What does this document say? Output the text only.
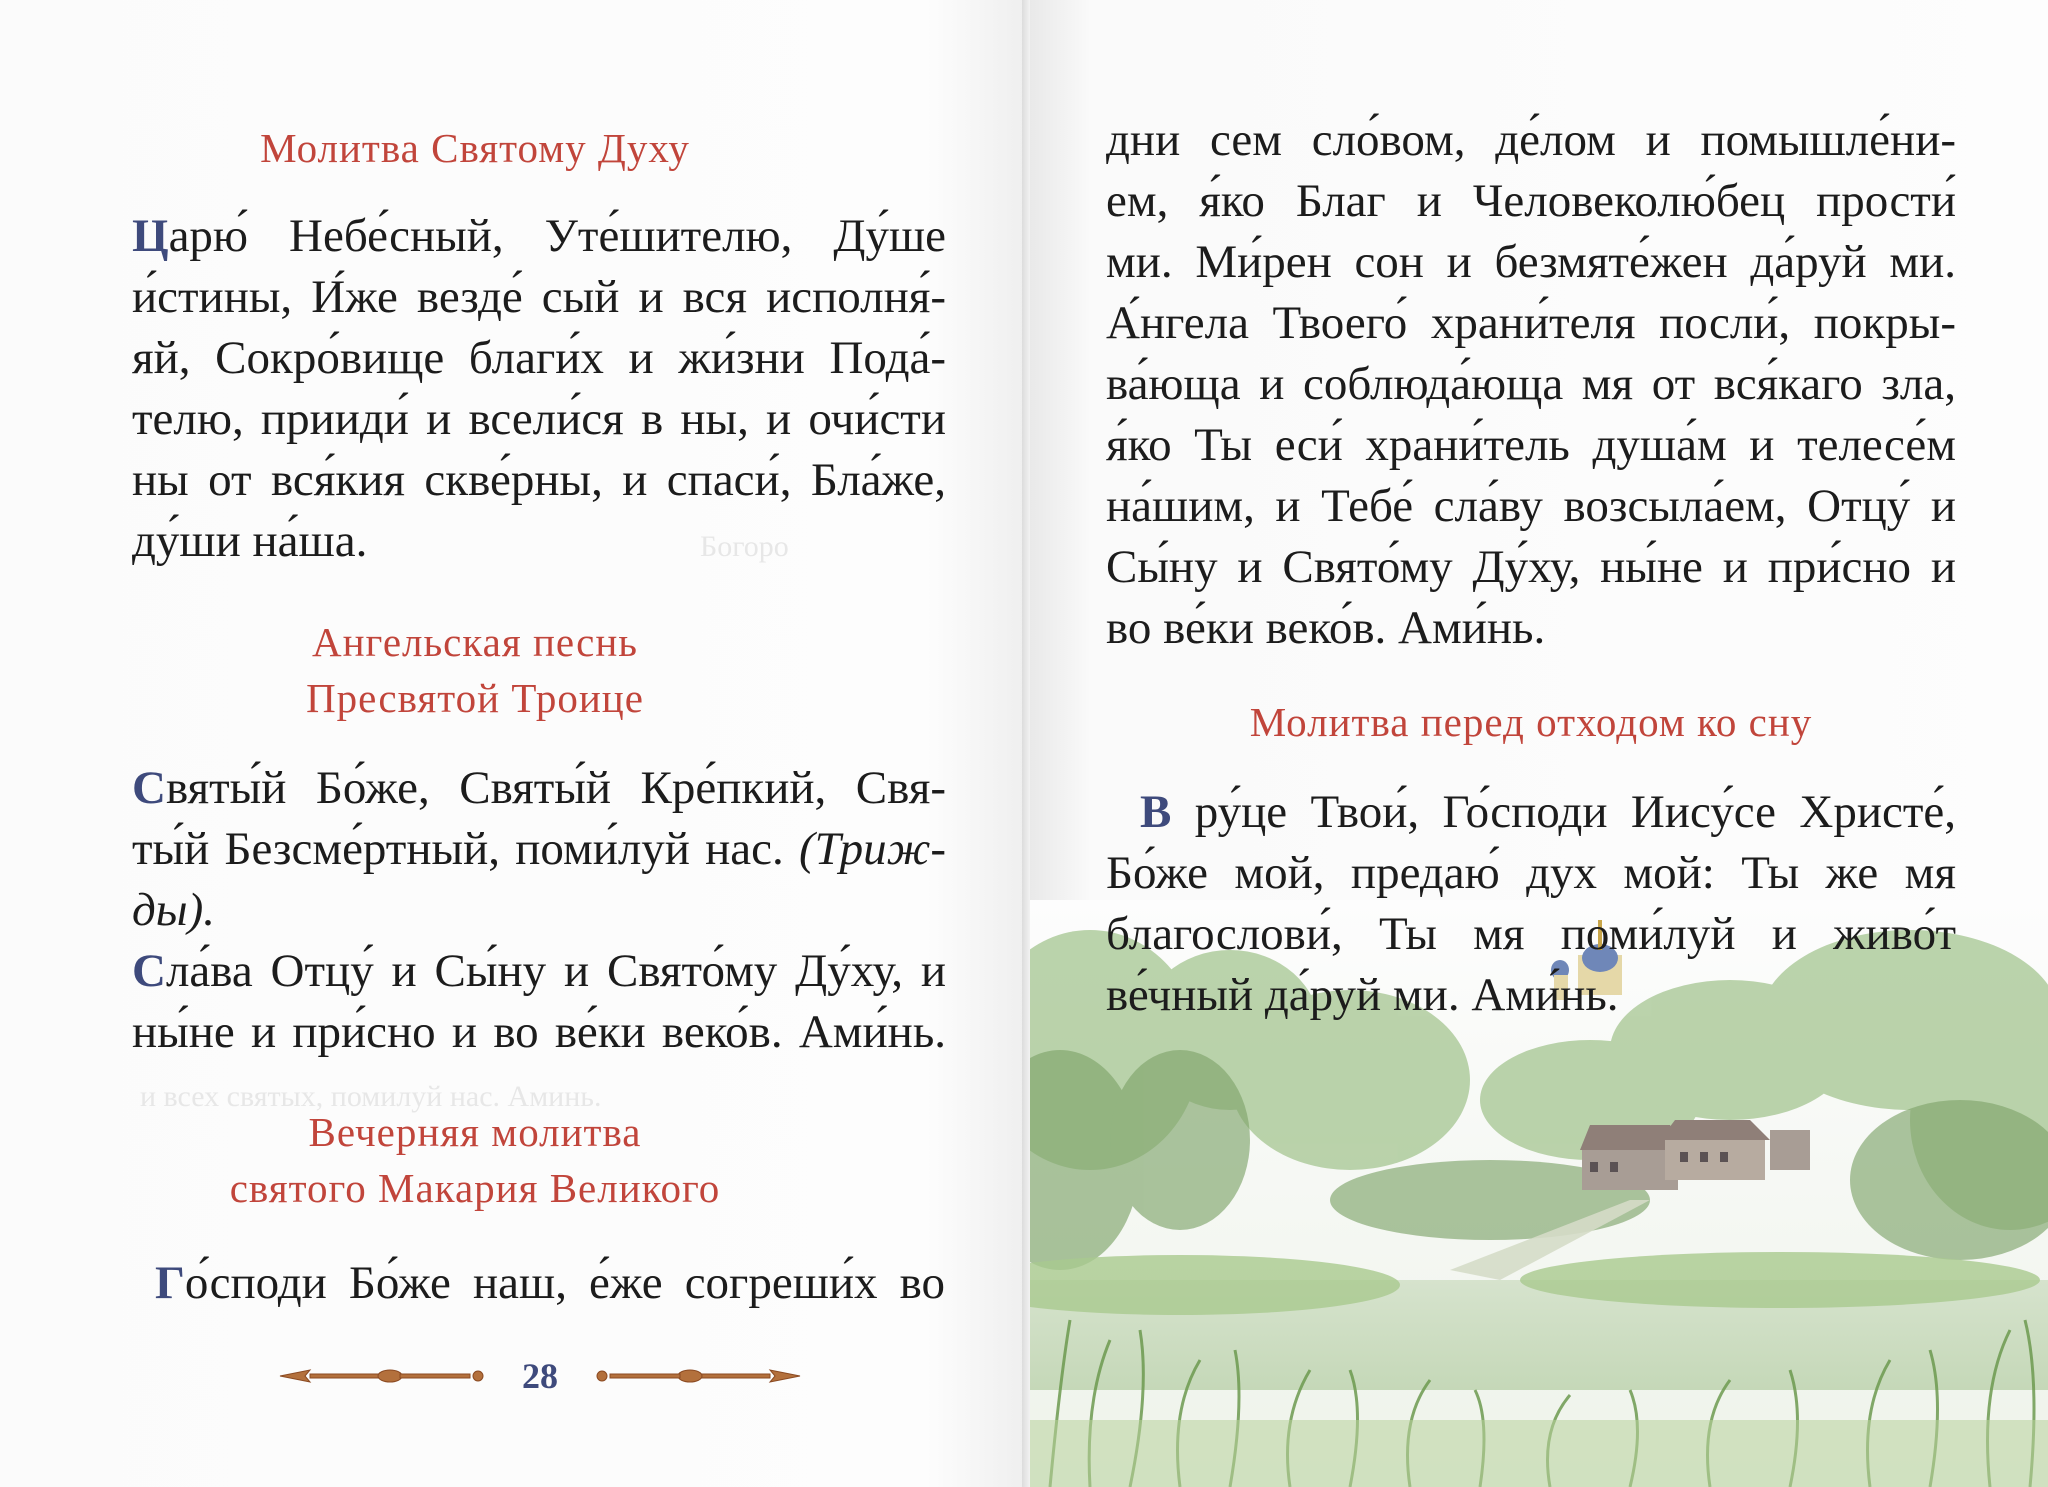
Богоро
и всех святых, помилуй нас. Аминь.
Молитва Святому Духу
Царю́ Небе́сный, Уте́шителю, Ду́ше
и́стины, И́же везде́ сый и вся исполня́-
яй, Сокро́вище благи́х и жи́зни Пода́-
телю, прииди́ и всели́ся в ны, и очи́сти
ны от вся́кия скве́рны, и спаси́, Бла́же,
ду́ши на́ша.
Ангельская песнь
Пресвятой Троице
Святы́й Бо́же, Святы́й Кре́пкий, Свя-
ты́й Безсме́ртный, поми́луй нас. (Триж-
ды).
Сла́ва Отцу́ и Сы́ну и Свято́му Ду́ху, и
ны́не и при́сно и во ве́ки веко́в. Ами́нь.
Вечерняя молитва
святого Макария Великого
Го́споди Бо́же наш, е́же согреши́х во
28
дни сем сло́вом, де́лом и помышле́ни-
ем, я́ко Благ и Человеколю́бец прости́
ми. Ми́рен сон и безмяте́жен да́руй ми.
А́нгела Твоего́ храни́теля посли́, покры-
ва́юща и соблюда́юща мя от вся́каго зла,
я́ко Ты еси́ храни́тель душа́м и телесе́м
на́шим, и Тебе́ сла́ву возсыла́ем, Отцу́ и
Сы́ну и Свято́му Ду́ху, ны́не и при́сно и
во ве́ки веко́в. Ами́нь.
Молитва перед отходом ко сну
В ру́це Твои́, Го́споди Иису́се Христе́,
Бо́же мой, предаю́ дух мой: Ты же мя
благослови́, Ты мя поми́луй и живо́т
ве́чный да́руй ми. Ами́нь.
